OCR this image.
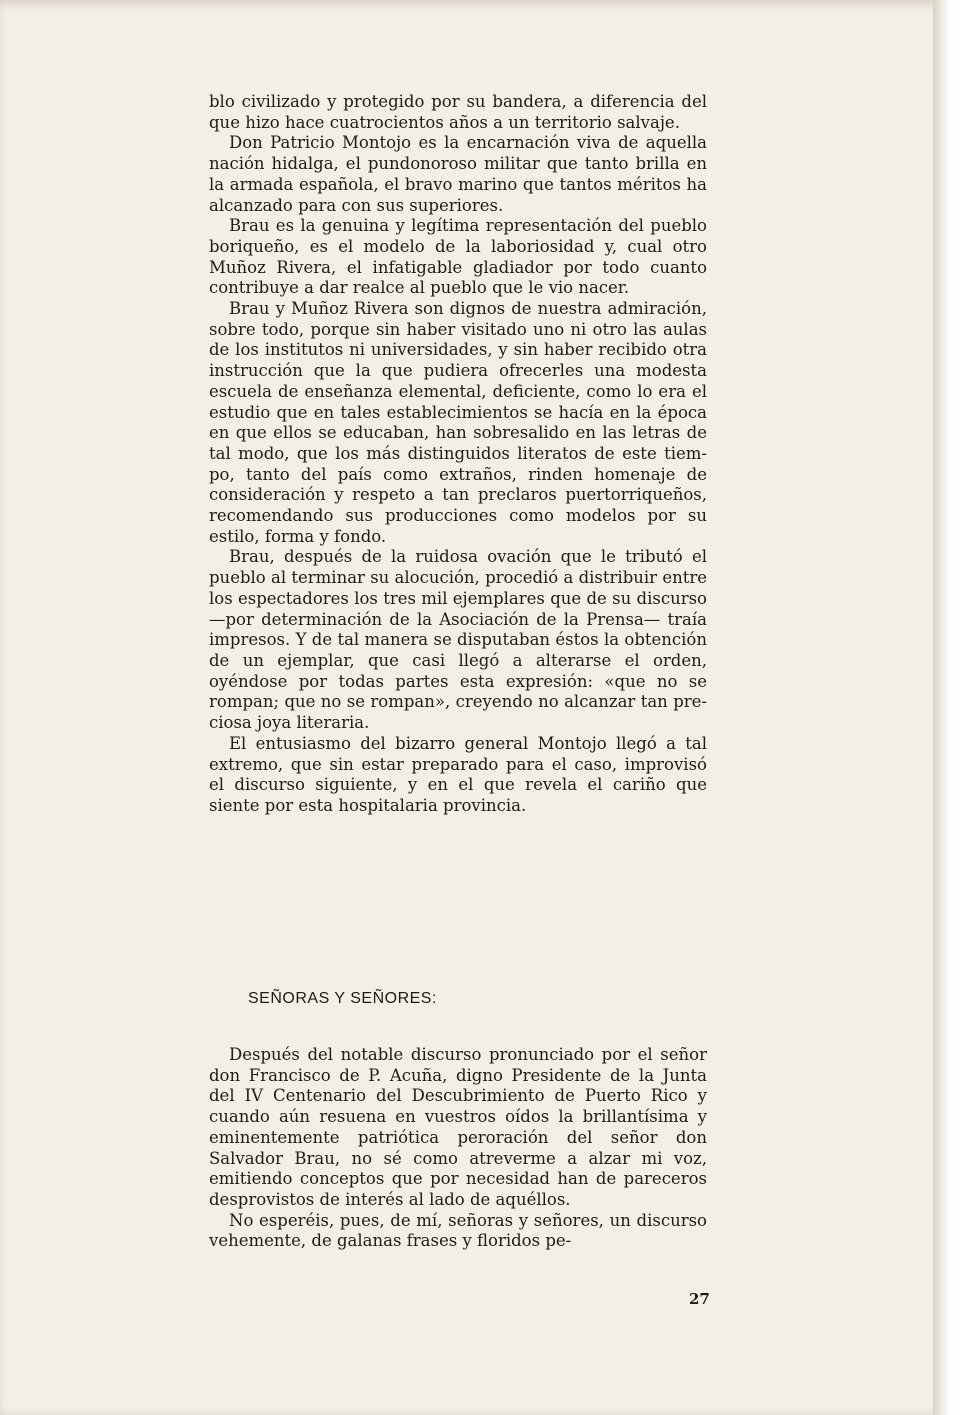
blo civilizado y protegido por su bandera, a diferencia del que hizo hace cuatrocientos años a un territorio salvaje.

Don Patricio Montojo es la encarnación viva de aquella nación hidalga, el pundonoroso militar que tanto brilla en la armada española, el bravo marino que tantos méritos ha alcanzado para con sus superiores.

Brau es la genuina y legítima representación del pueblo boriqueño, es el modelo de la laboriosidad y, cual otro Muñoz Rivera, el infatigable gladiador por todo cuanto contribuye a dar realce al pueblo que le vio nacer.

Brau y Muñoz Rivera son dignos de nuestra admiración, sobre todo, porque sin haber visitado uno ni otro las aulas de los institutos ni universidades, y sin haber recibido otra instrucción que la que pudiera ofrecerles una modesta escuela de enseñanza elemental, deficiente, como lo era el estudio que en tales establecimientos se hacía en la época en que ellos se educaban, han sobresalido en las letras de tal modo, que los más distinguidos literatos de este tiempo, tanto del país como extraños, rinden homenaje de consideración y respeto a tan preclaros puertorriqueños, recomendando sus producciones como modelos por su estilo, forma y fondo.

Brau, después de la ruidosa ovación que le tributó el pueblo al terminar su alocución, procedió a distribuir entre los espectadores los tres mil ejemplares que de su discurso —por determinación de la Asociación de la Prensa— traía impresos. Y de tal manera se disputaban éstos la obtención de un ejemplar, que casi llegó a alterarse el orden, oyéndose por todas partes esta expresión: «que no se rompan; que no se rompan», creyendo no alcanzar tan preciosa joya literaria.

El entusiasmo del bizarro general Montojo llegó a tal extremo, que sin estar preparado para el caso, improvisó el discurso siguiente, y en el que revela el cariño que siente por esta hospitalaria provincia.

SEÑORAS Y SEÑORES:

Después del notable discurso pronunciado por el señor don Francisco de P. Acuña, digno Presidente de la Junta del IV Centenario del Descubrimiento de Puerto Rico y cuando aún resuena en vuestros oídos la brillantísima y eminentemente patriótica peroración del señor don Salvador Brau, no sé como atreverme a alzar mi voz, emitiendo conceptos que por necesidad han de pareceros desprovistos de interés al lado de aquéllos.

No esperéis, pues, de mí, señoras y señores, un discurso vehemente, de galanas frases y floridos pe-

27
